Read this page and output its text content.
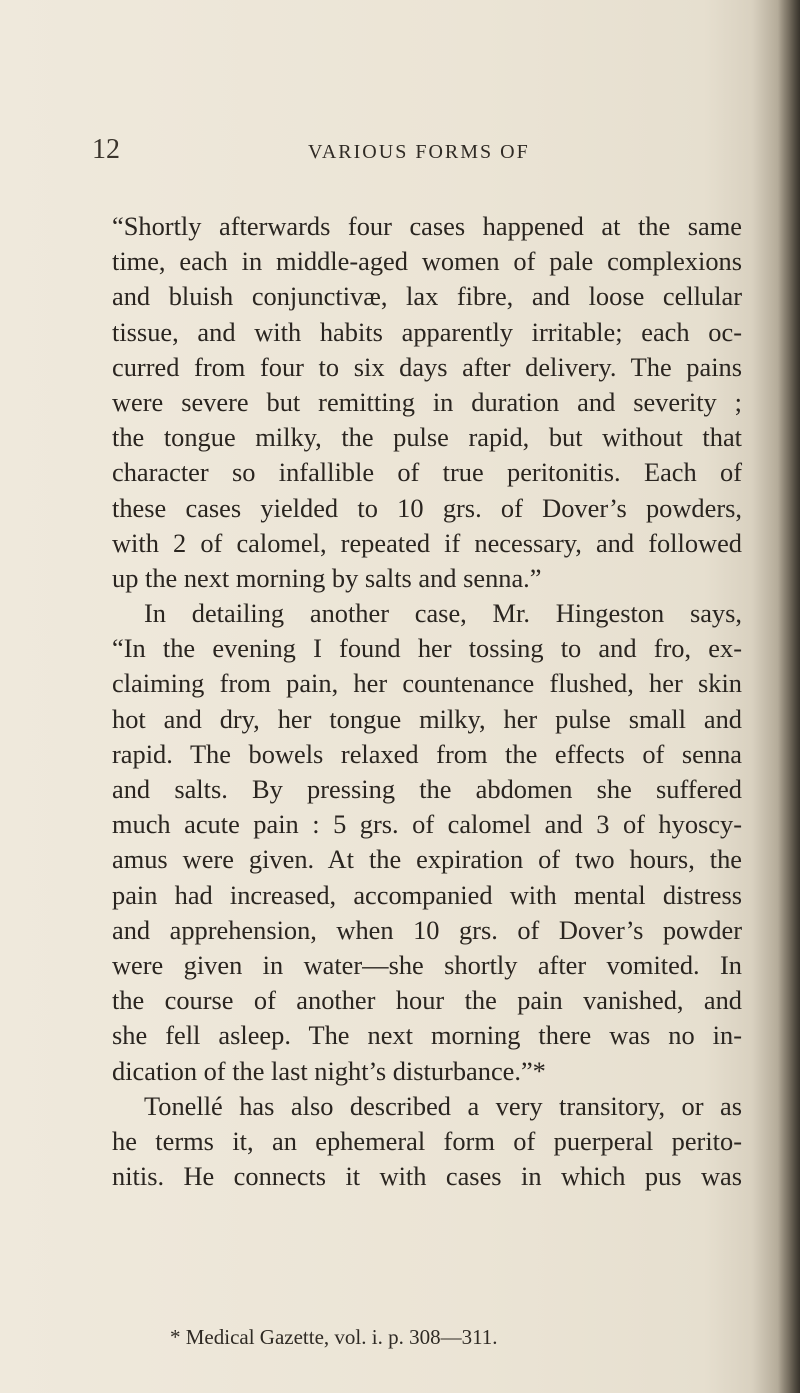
12	VARIOUS FORMS OF
“Shortly afterwards four cases happened at the same
time, each in middle-aged women of pale complexions
and bluish conjunctivæ, lax fibre, and loose cellular
tissue, and with habits apparently irritable; each oc-
curred from four to six days after delivery. The pains
were severe but remitting in duration and severity ;
the tongue milky, the pulse rapid, but without that
character so infallible of true peritonitis. Each of
these cases yielded to 10 grs. of Dover’s powders,
with 2 of calomel, repeated if necessary, and followed
up the next morning by salts and senna.”
In detailing another case, Mr. Hingeston says,
“In the evening I found her tossing to and fro, ex-
claiming from pain, her countenance flushed, her skin
hot and dry, her tongue milky, her pulse small and
rapid. The bowels relaxed from the effects of senna
and salts. By pressing the abdomen she suffered
much acute pain : 5 grs. of calomel and 3 of hyoscy-
amus were given. At the expiration of two hours, the
pain had increased, accompanied with mental distress
and apprehension, when 10 grs. of Dover’s powder
were given in water—she shortly after vomited. In
the course of another hour the pain vanished, and
she fell asleep. The next morning there was no in-
dication of the last night’s disturbance.”*
Tonellé has also described a very transitory, or as
he terms it, an ephemeral form of puerperal perito-
nitis. He connects it with cases in which pus was
* Medical Gazette, vol. i. p. 308—311.
